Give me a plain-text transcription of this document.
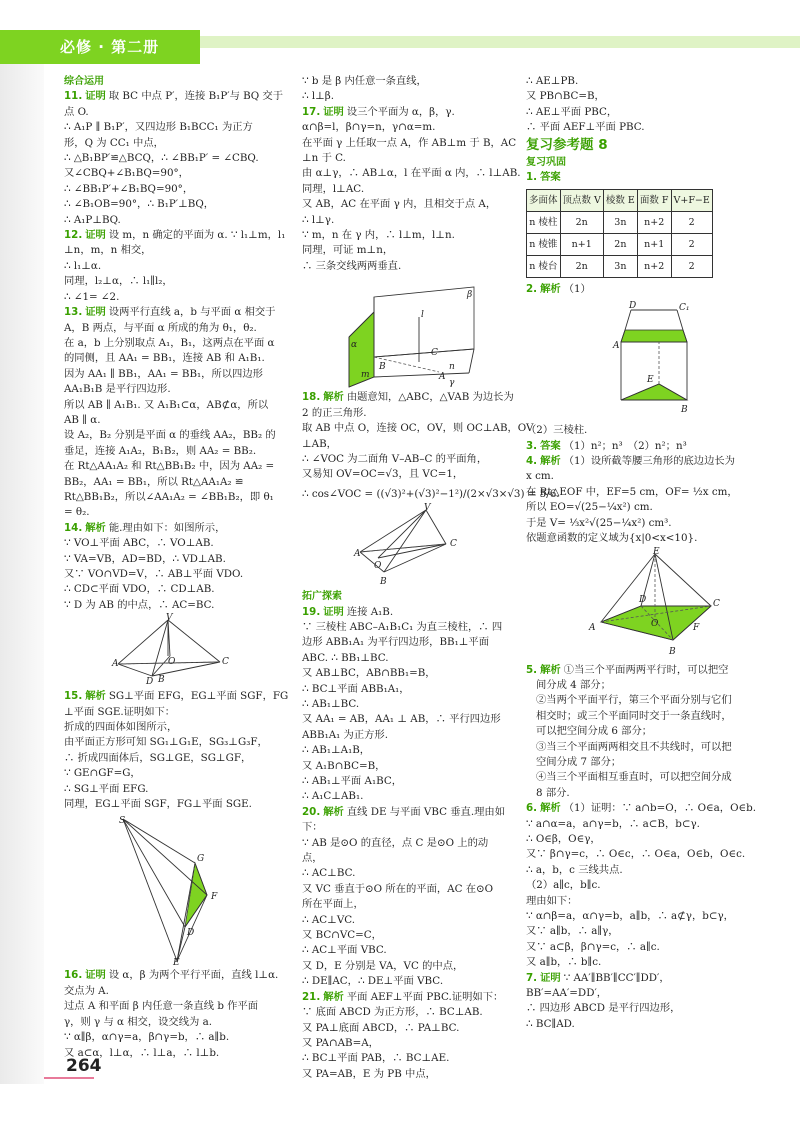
必修 · 第二册
综合运用
11. 证明 取 BC 中点 P′，连接 B₁P′与 BQ 交于
点 O.
∴ A₁P ∥ B₁P′，又四边形 B₁BCC₁ 为正方
形，Q 为 CC₁ 中点，
∴ △B₁BP′≌△BCQ，∴ ∠BB₁P′ = ∠CBQ.
又∠CBQ+∠B₁BQ=90°，
∴ ∠BB₁P′+∠B₁BQ=90°，
∴ ∠B₁OB=90°，∴ B₁P′⊥BQ，
∴ A₁P⊥BQ.
12. 证明 设 m，n 确定的平面为 α. ∵ l₁⊥m，l₁
⊥n，m，n 相交，
∴ l₁⊥α.
同理，l₂⊥α，∴ l₁∥l₂，
∴ ∠1= ∠2.
13. 证明 设两平行直线 a，b 与平面 α 相交于
A，B 两点，与平面 α 所成的角为 θ₁，θ₂.
在 a，b 上分别取点 A₁，B₁，这两点在平面 α
的同侧，且 AA₁ = BB₁，连接 AB 和 A₁B₁.
因为 AA₁ ∥ BB₁，AA₁ = BB₁，所以四边形
AA₁B₁B 是平行四边形.
所以 AB ∥ A₁B₁. 又 A₁B₁⊂α，AB⊄α，所以
AB ∥ α.
设 A₂，B₂ 分别是平面 α 的垂线 AA₂，BB₂ 的
垂足，连接 A₁A₂，B₁B₂，则 AA₂ = BB₂.
在 Rt△AA₁A₂ 和 Rt△BB₁B₂ 中，因为 AA₂ =
BB₂，AA₁ = BB₁，所以 Rt△AA₁A₂ ≌
Rt△BB₁B₂，所以∠AA₁A₂ = ∠BB₁B₂，即 θ₁
= θ₂.
14. 解析 能.理由如下：如图所示，
∵ VO⊥平面 ABC，∴ VO⊥AB.
∵ VA=VB，AD=BD，∴ VD⊥AB.
又∵ VO∩VD=V，∴ AB⊥平面 VDO.
∴ CD⊂平面 VDO，∴ CD⊥AB.
∵ D 为 AB 的中点，∴ AC=BC.
V
A
D
O
B
C
15. 解析 SG⊥平面 EFG，EG⊥平面 SGF，FG
⊥平面 SGE.证明如下：
折成的四面体如图所示，
由平面正方形可知 SG₁⊥G₁E，SG₃⊥G₃F，
∴ 折成四面体后，SG⊥GE，SG⊥GF，
∵ GE∩GF=G，
∴ SG⊥平面 EFG.
同理，EG⊥平面 SGF，FG⊥平面 SGE.
S
G
F
D
E
16. 证明 设 α，β 为两个平行平面，直线 l⊥α.
交点为 A.
过点 A 和平面 β 内任意一条直线 b 作平面
γ，则 γ 与 α 相交，设交线为 a.
∵ α∥β，α∩γ=a，β∩γ=b，∴ a∥b.
又 a⊂α，l⊥α，∴ l⊥a，∴ l⊥b.
∵ b 是 β 内任意一条直线，
∴ l⊥β.
17. 证明 设三个平面为 α，β，γ.
α∩β=l，β∩γ=n，γ∩α=m.
在平面 γ 上任取一点 A，作 AB⊥m 于 B，AC
⊥n 于 C.
由 α⊥γ，∴ AB⊥α，l 在平面 α 内，∴ l⊥AB.
同理，l⊥AC.
又 AB，AC 在平面 γ 内，且相交于点 A，
∴ l⊥γ.
∵ m，n 在 γ 内，∴ l⊥m，l⊥n.
同理，可证 m⊥n，
∴ 三条交线两两垂直.
α
β
l
B
C
m	A
n
γ
18. 解析 由题意知，△ABC，△VAB 为边长为
2 的正三角形.
取 AB 中点 O，连接 OC，OV，则 OC⊥AB，OV
⊥AB，
∴ ∠VOC 为二面角 V–AB–C 的平面角，
又易知 OV=OC=√3，且 VC=1，
∴ cos∠VOC = ((√3)²+(√3)²−1²)/(2×√3×√3) = 5/6.
V
A
C
O
B
拓广探索
19. 证明 连接 A₁B.
∵ 三棱柱 ABC–A₁B₁C₁ 为直三棱柱，∴ 四
边形 ABB₁A₁ 为平行四边形，BB₁⊥平面
ABC. ∴ BB₁⊥BC.
又 AB⊥BC，AB∩BB₁=B，
∴ BC⊥平面 ABB₁A₁，
∴ AB₁⊥BC.
又 AA₁ = AB，AA₁ ⊥ AB，∴ 平行四边形
ABB₁A₁ 为正方形.
∴ AB₁⊥A₁B，
又 A₁B∩BC=B，
∴ AB₁⊥平面 A₁BC，
∴ A₁C⊥AB₁.
20. 解析 直线 DE 与平面 VBC 垂直.理由如
下：
∵ AB 是⊙O 的直径，点 C 是⊙O 上的动
点，
∴ AC⊥BC.
又 VC 垂直于⊙O 所在的平面，AC 在⊙O
所在平面上，
∴ AC⊥VC.
又 BC∩VC=C，
∴ AC⊥平面 VBC.
又 D，E 分别是 VA，VC 的中点，
∴ DE∥AC，∴ DE⊥平面 VBC.
21. 解析 平面 AEF⊥平面 PBC.证明如下：
∵ 底面 ABCD 为正方形，∴ BC⊥AB.
又 PA⊥底面 ABCD，∴ PA⊥BC.
又 PA∩AB=A，
∴ BC⊥平面 PAB，∴ BC⊥AE.
又 PA=AB，E 为 PB 中点，
∴ AE⊥PB.
又 PB∩BC=B，
∴ AE⊥平面 PBC，
∴ 平面 AEF⊥平面 PBC.
复习参考题 8
复习巩固
1. 答案
多面体	顶点数 V	棱数 E	面数 F	V+F−E
n 棱柱	2n	3n	n+2	2
n 棱锥	n+1	2n	n+1	2
n 棱台	2n	3n	n+2	2
2. 解析 （1）
D	C₁
A
E
B
（2）三棱柱.
3. 答案 （1）n²；n³　（2）n²；n³
4. 解析 （1）设所截等腰三角形的底边边长为
x cm.
在 Rt△EOF 中，EF=5 cm，OF= ½x cm，
所以 EO=√(25−¼x²) cm.
于是 V= ⅓x²√(25−¼x²) cm³.
依题意函数的定义域为{x|0<x<10}.
E
A
D
O	F
B
C
5. 解析 ①当三个平面两两平行时，可以把空
间分成 4 部分；
②当两个平面平行，第三个平面分别与它们
相交时；或三个平面同时交于一条直线时，
可以把空间分成 6 部分；
③当三个平面两两相交且不共线时，可以把
空间分成 7 部分；
④当三个平面相互垂直时，可以把空间分成
8 部分.
6. 解析 （1）证明：∵ a∩b=O，∴ O∈a，O∈b.
∵ a∩α=a，a∩γ=b，∴ a⊂B，b⊂γ.
∴ O∈β，O∈γ，
又∵ β∩γ=c，∴ O∈c，∴ O∈a，O∈b，O∈c.
∴ a，b，c 三线共点.
（2）a∥c，b∥c.
理由如下：
∵ α∩β=a，α∩γ=b，a∥b，∴ a⊄γ，b⊂γ，
又∵ a∥b，∴ a∥γ，
又∵ a⊂β，β∩γ=c，∴ a∥c.
又 a∥b，∴ b∥c.
7. 证明 ∵ AA′∥BB′∥CC′∥DD′，
BB′=AA′=DD′，
∴ 四边形 ABCD 是平行四边形，
∴ BC∥AD.
264
